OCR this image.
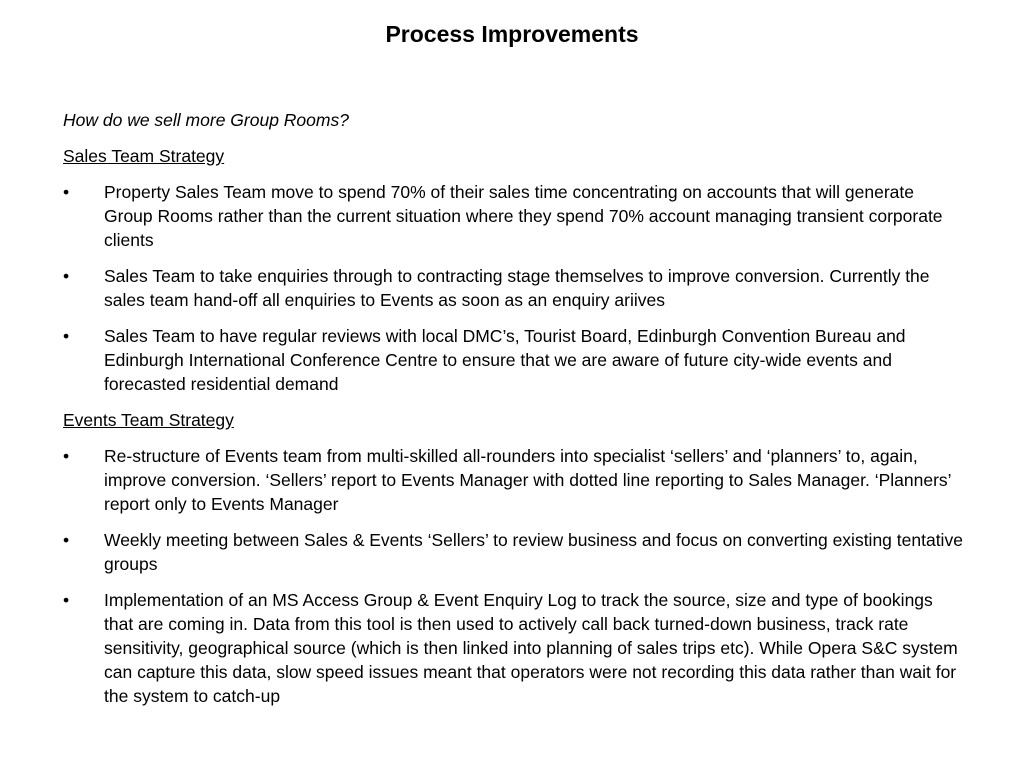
Process Improvements
How do we sell more Group Rooms?
Sales Team Strategy
•	Property Sales Team move to spend 70% of their sales time concentrating on accounts that will generate Group Rooms rather than the current situation where they spend 70% account managing transient corporate clients
•	Sales Team to take enquiries through to contracting stage themselves to improve conversion. Currently the sales team hand-off all enquiries to Events as soon as an enquiry ariives
•	Sales Team to have regular reviews with local DMC’s, Tourist Board, Edinburgh Convention Bureau and Edinburgh International Conference Centre to ensure that we are aware of future city-wide events and forecasted residential demand
Events Team Strategy
•	Re-structure of Events team from multi-skilled all-rounders into specialist ‘sellers’ and ‘planners’ to, again, improve conversion. ‘Sellers’ report to Events Manager with dotted line reporting to Sales Manager. ‘Planners’ report only to Events Manager
•	Weekly meeting between Sales & Events ‘Sellers’ to review business and focus on converting existing tentative groups
•	Implementation of an MS Access Group & Event Enquiry Log to track the source, size and type of bookings that are coming in. Data from this tool is then used to actively call back turned-down business, track rate sensitivity, geographical source (which is then linked into planning of sales trips etc). While Opera S&C system can capture this data, slow speed issues meant that operators were not recording this data rather than wait for the system to catch-up
